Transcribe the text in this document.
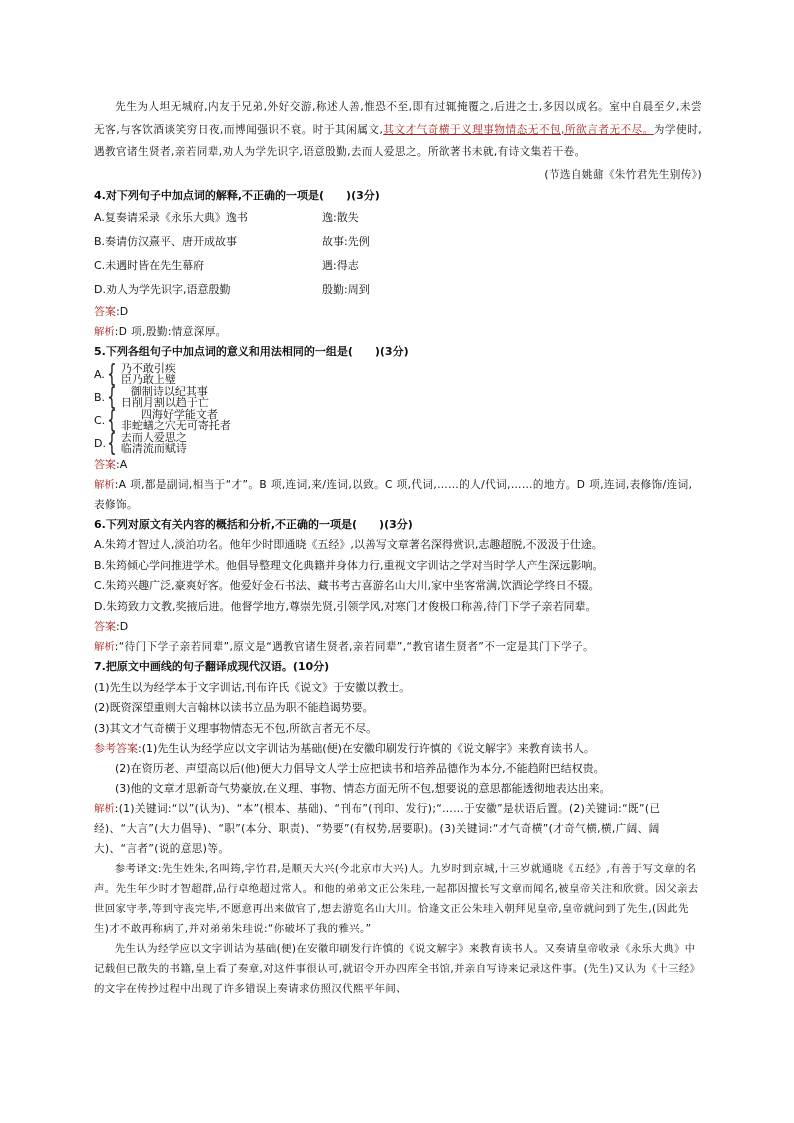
先生为人坦无城府,内友于兄弟,外好交游,称述人善,惟恐不至,即有过辄掩覆之,后进之士,多因以成名。室中自晨至夕,未尝无客,与客饮酒谈笑穷日夜,而博闻强识不衰。时于其闲属文,其文才气奇横于义理事物情态无不包,所欲言者无不尽。为学使时,遇教官诸生贤者,亲若同辈,劝人为学先识字,语意殷勤,去而人爱思之。所欲著书未就,有诗文集若干卷。

(节选自姚鼐《朱竹君先生别传》)

4.对下列句子中加点词的解释,不正确的一项是(　　)(3分)

A.复奏请采录《永乐大典》逸书	逸:散失
B.奏请仿汉熹平、唐开成故事	故事:先例
C.未遇时皆在先生幕府	遇:得志
D.劝人为学先识字,语意殷勤	殷勤:周到

答案:D

解析:D 项,殷勤:情意深厚。

5.下列各组句子中加点词的意义和用法相同的一组是(　　)(3分)

A. { 乃不敢引疾
臣乃敢上璧
B. {	御制诗以纪其事
日削月割以趋于亡
C. {	四海好学能文者
非蛇蟮之穴无可寄托者
D. { 去而人爱思之
临清流而赋诗

答案:A

解析:A 项,都是副词,相当于“才”。B 项,连词,来/连词,以致。C 项,代词,……的人/代词,……的地方。D 项,连词,表修饰/连词,表修饰。

6.下列对原文有关内容的概括和分析,不正确的一项是(　　)(3分)

A.朱筠才智过人,淡泊功名。他年少时即通晓《五经》,以善写文章著名深得赏识,志趣超脱,不汲汲于仕途。

B.朱筠倾心学问推进学术。他倡导整理文化典籍并身体力行,重视文字训诂之学对当时学人产生深远影响。

C.朱筠兴趣广泛,豪爽好客。他爱好金石书法、藏书考古喜游名山大川,家中坐客常满,饮酒论学终日不辍。

D.朱筠致力文教,奖掖后进。他督学地方,尊崇先贤,引领学风,对寒门才俊极口称善,待门下学子亲若同辈。

答案:D

解析:“待门下学子亲若同辈”,原文是“遇教官诸生贤者,亲若同辈”,“教官诸生贤者”不一定是其门下学子。

7.把原文中画线的句子翻译成现代汉语。(10分)

(1)先生以为经学本于文字训诂,刊布许氏《说文》于安徽以教士。

(2)既资深望重则大言翰林以读书立品为职不能趋谒势要。

(3)其文才气奇横于义理事物情态无不包,所欲言者无不尽。

参考答案:(1)先生认为经学应以文字训诂为基础(便)在安徽印刷发行许慎的《说文解字》来教育读书人。

(2)在资历老、声望高以后(他)便大力倡导文人学士应把读书和培养品德作为本分,不能趋附巴结权贵。

(3)他的文章才思新奇气势豪放,在义理、事物、情态方面无所不包,想要说的意思都能透彻地表达出来。

解析:(1)关键词:“以”(认为)、“本”(根本、基础)、“刊布”(刊印、发行);“……于安徽”是状语后置。(2)关键词:“既”(已经)、“大言”(大力倡导)、“职”(本分、职责)、“势要”(有权势,居要职)。(3)关键词:“才气奇横”(才奇气横,横,广阔、阔大)、“言者”(说的意思)等。

参考译文:先生姓朱,名叫筠,字竹君,是顺天大兴(今北京市大兴)人。九岁时到京城,十三岁就通晓《五经》,有善于写文章的名声。先生年少时才智超群,品行卓绝超过常人。和他的弟弟文正公朱珪,一起都因擅长写文章而闻名,被皇帝关注和欣赏。因父亲去世回家守孝,等到守丧完毕,不愿意再出来做官了,想去游览名山大川。恰逢文正公朱珪入朝拜见皇帝,皇帝就问到了先生,(因此先生)才不敢再称病了,并对弟弟朱珪说:“你破坏了我的雅兴。”

先生认为经学应以文字训诂为基础(便)在安徽印刷发行许慎的《说文解字》来教育读书人。又奏请皇帝收录《永乐大典》中记载但已散失的书籍,皇上看了奏章,对这件事很认可,就诏令开办四库全书馆,并亲自写诗来记录这件事。(先生)又认为《十三经》的文字在传抄过程中出现了许多错误上奏请求仿照汉代熙平年间、
